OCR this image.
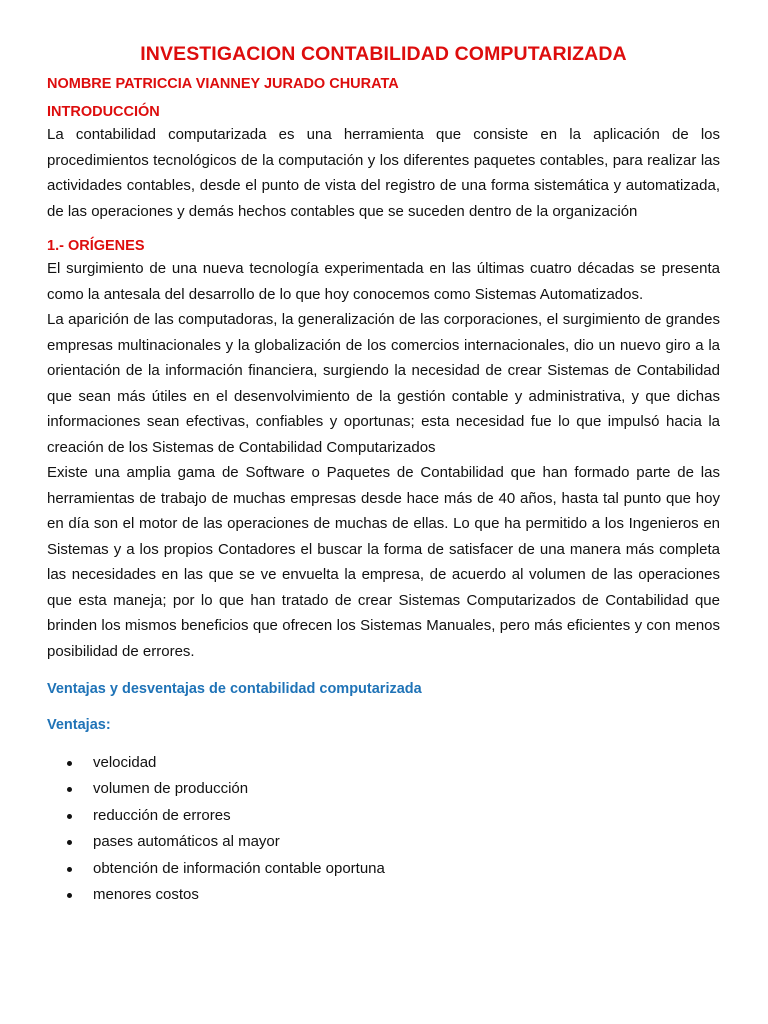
INVESTIGACION CONTABILIDAD COMPUTARIZADA
NOMBRE PATRICCIA VIANNEY JURADO CHURATA
INTRODUCCIÓN

La contabilidad computarizada es una herramienta que consiste en la aplicación de los procedimientos tecnológicos de la computación y los diferentes paquetes contables, para realizar las actividades contables, desde el punto de vista del registro de una forma sistemática y automatizada, de las operaciones y demás hechos contables que se suceden dentro de la organización

1.- ORÍGENES

El surgimiento de una nueva tecnología experimentada en las últimas cuatro décadas se presenta como la antesala del desarrollo de lo que hoy conocemos como Sistemas Automatizados.

La aparición de las computadoras, la generalización de las corporaciones, el surgimiento de grandes empresas multinacionales y la globalización de los comercios internacionales, dio un nuevo giro a la orientación de la información financiera, surgiendo la necesidad de crear Sistemas de Contabilidad que sean más útiles en el desenvolvimiento de la gestión contable y administrativa, y que dichas informaciones sean efectivas, confiables y oportunas; esta necesidad fue lo que impulsó hacia la creación de los Sistemas de Contabilidad Computarizados

Existe una amplia gama de Software o Paquetes de Contabilidad que han formado parte de las herramientas de trabajo de muchas empresas desde hace más de 40 años, hasta tal punto que hoy en día son el motor de las operaciones de muchas de ellas. Lo que ha permitido a los Ingenieros en Sistemas y a los propios Contadores el buscar la forma de satisfacer de una manera más completa las necesidades en las que se ve envuelta la empresa, de acuerdo al volumen de las operaciones que esta maneja; por lo que han tratado de crear Sistemas Computarizados de Contabilidad que brinden los mismos beneficios que ofrecen los Sistemas Manuales, pero más eficientes y con menos posibilidad de errores.

Ventajas y desventajas de contabilidad computarizada
Ventajas:
velocidad
volumen de producción
reducción de errores
pases automáticos al mayor
obtención de información contable oportuna
menores costos
